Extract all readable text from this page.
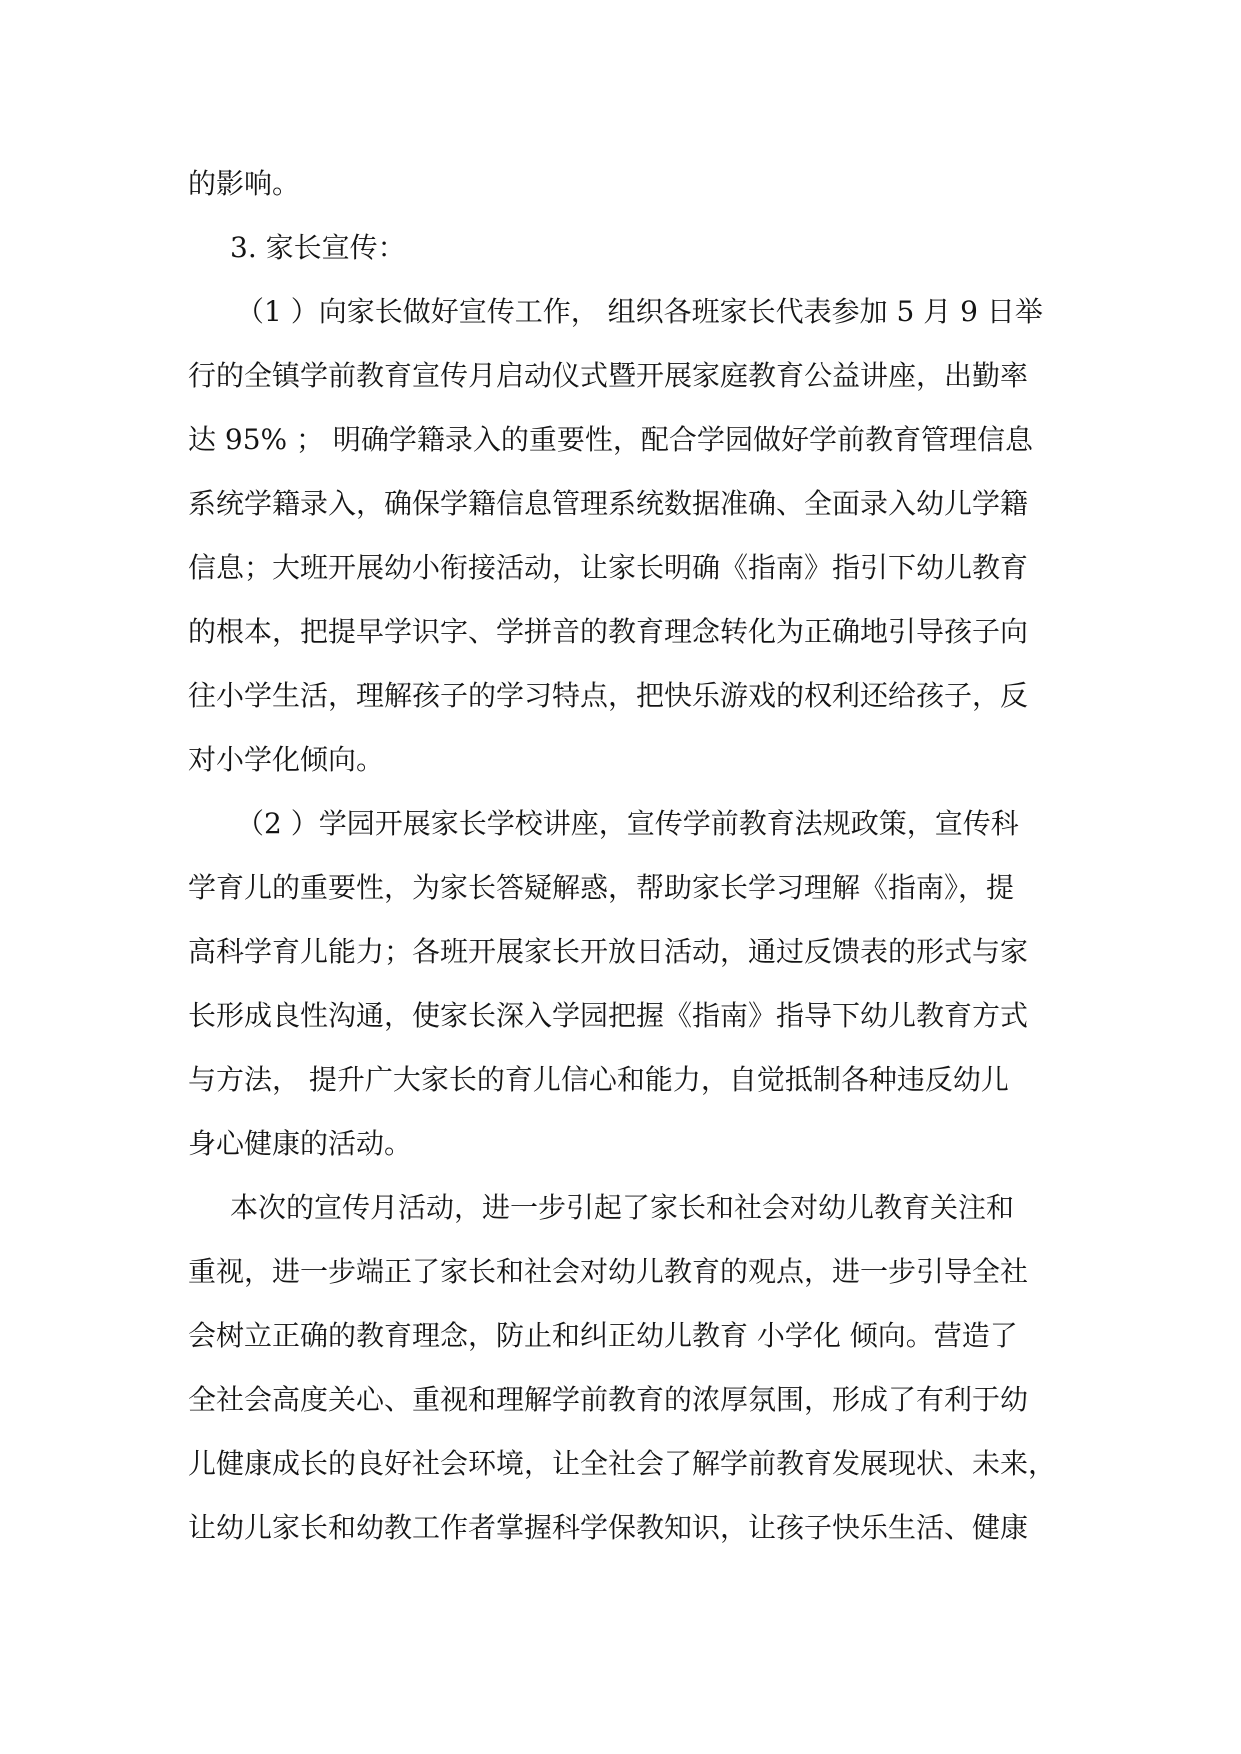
的影响。
3. 家长宣传：
（1 ）向家长做好宣传工作， 组织各班家长代表参加 5 月 9 日举
行的全镇学前教育宣传月启动仪式暨开展家庭教育公益讲座，出勤率
达 95% ； 明确学籍录入的重要性，配合学园做好学前教育管理信息
系统学籍录入，确保学籍信息管理系统数据准确、全面录入幼儿学籍
信息；大班开展幼小衔接活动，让家长明确《指南》指引下幼儿教育
的根本，把提早学识字、学拼音的教育理念转化为正确地引导孩子向
往小学生活，理解孩子的学习特点，把快乐游戏的权利还给孩子，反
对小学化倾向。
（2 ）学园开展家长学校讲座，宣传学前教育法规政策，宣传科
学育儿的重要性，为家长答疑解惑，帮助家长学习理解《指南》，提
高科学育儿能力；各班开展家长开放日活动，通过反馈表的形式与家
长形成良性沟通，使家长深入学园把握《指南》指导下幼儿教育方式
与方法， 提升广大家长的育儿信心和能力，自觉抵制各种违反幼儿
身心健康的活动。
本次的宣传月活动，进一步引起了家长和社会对幼儿教育关注和
重视，进一步端正了家长和社会对幼儿教育的观点，进一步引导全社
会树立正确的教育理念，防止和纠正幼儿教育 小学化 倾向。营造了
全社会高度关心、重视和理解学前教育的浓厚氛围，形成了有利于幼
儿健康成长的良好社会环境，让全社会了解学前教育发展现状、未来，
让幼儿家长和幼教工作者掌握科学保教知识，让孩子快乐生活、健康
